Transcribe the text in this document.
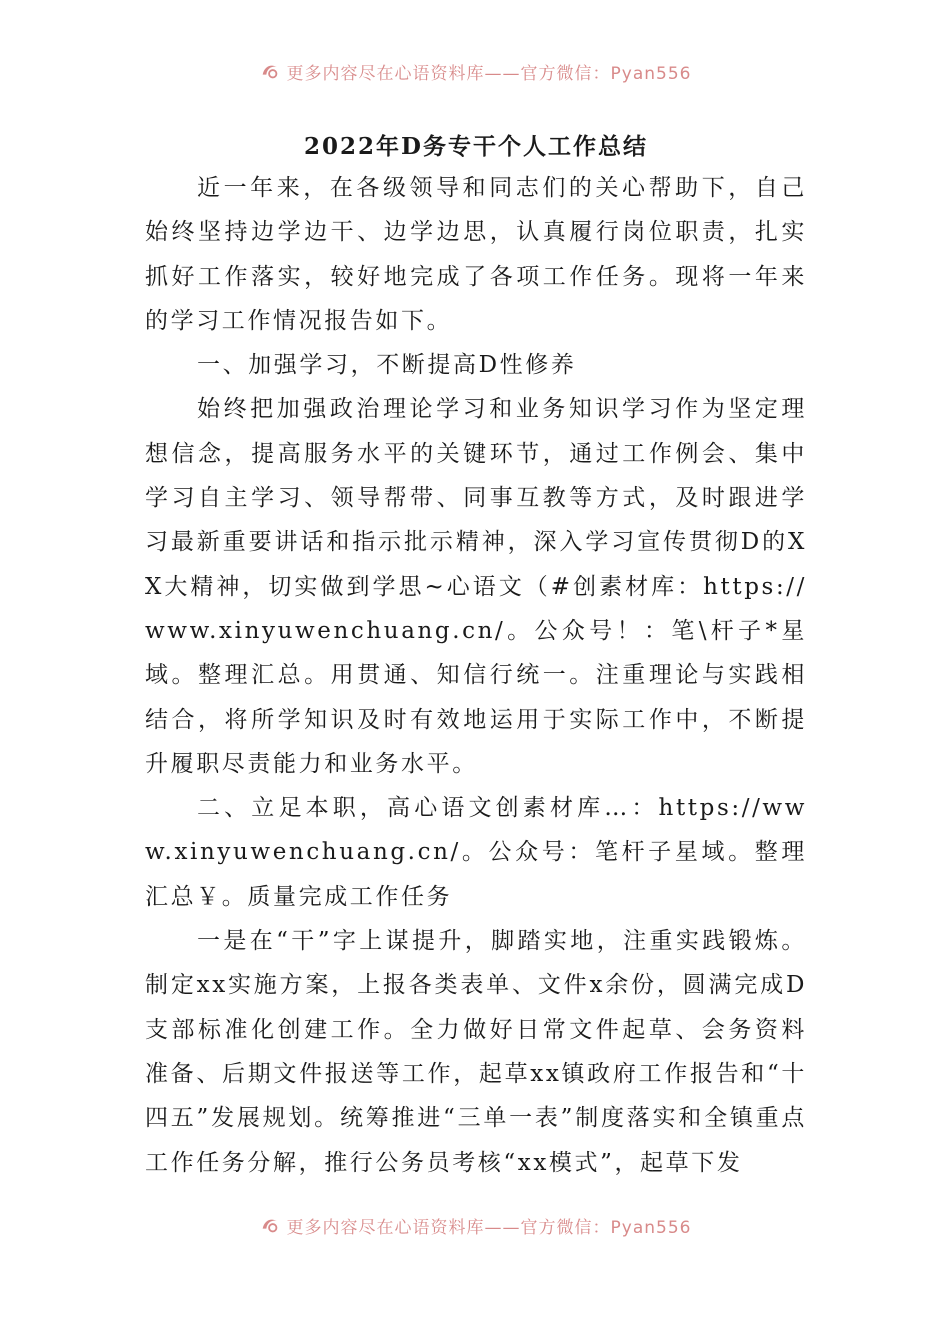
更多内容尽在心语资料库——官方微信：Pyan556
2022年D务专干个人工作总结

近一年来，在各级领导和同志们的关心帮助下，自己始终坚持边学边干、边学边思，认真履行岗位职责，扎实抓好工作落实，较好地完成了各项工作任务。现将一年来的学习工作情况报告如下。

一、加强学习，不断提高D性修养

始终把加强政治理论学习和业务知识学习作为坚定理想信念，提高服务水平的关键环节，通过工作例会、集中学习自主学习、领导帮带、同事互教等方式，及时跟进学习最新重要讲话和指示批示精神，深入学习宣传贯彻D的XX大精神，切实做到学思~心语文（#创素材库：https://www.xinyuwenchuang.cn/。公众号！：笔\杆子*星域。整理汇总。用贯通、知信行统一。注重理论与实践相结合，将所学知识及时有效地运用于实际工作中，不断提升履职尽责能力和业务水平。

二、立足本职，高心语文创素材库…：https://www.xinyuwenchuang.cn/。公众号：笔杆子星域。整理汇总￥。质量完成工作任务

一是在“干”字上谋提升，脚踏实地，注重实践锻炼。制定xx实施方案，上报各类表单、文件x余份，圆满完成D支部标准化创建工作。全力做好日常文件起草、会务资料准备、后期文件报送等工作，起草xx镇政府工作报告和“十四五”发展规划。统筹推进“三单一表”制度落实和全镇重点工作任务分解，推行公务员考核“xx模式”，起草下发

更多内容尽在心语资料库——官方微信：Pyan556
